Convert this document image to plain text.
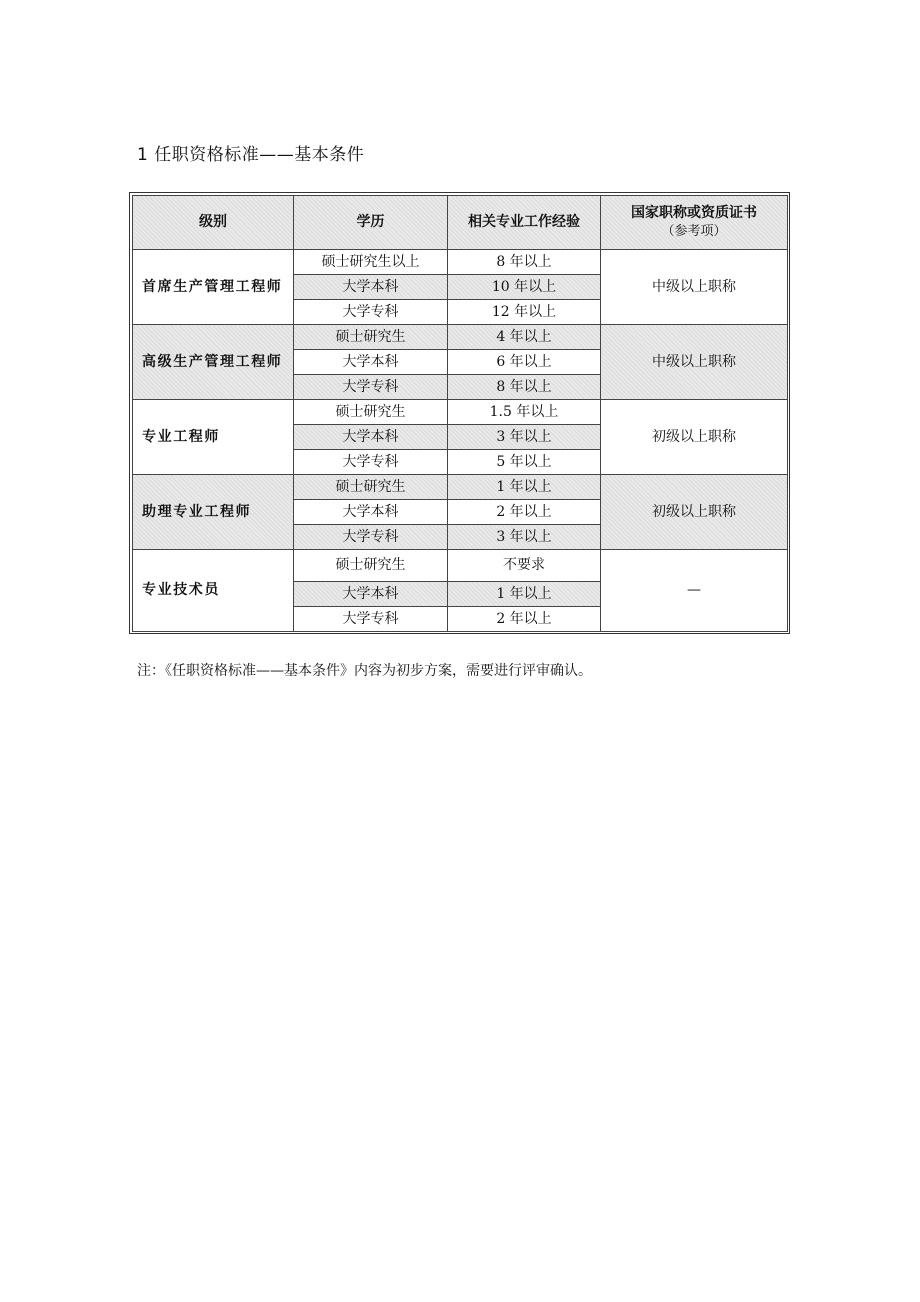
1 任职资格标准——基本条件
级别	学历	相关专业工作经验	国家职称或资质证书
（参考项）

首席生产管理工程师	硕士研究生以上	8 年以上	中级以上职称
	大学本科	10 年以上	
	大学专科	12 年以上	
高级生产管理工程师	硕士研究生	4 年以上	中级以上职称
	大学本科	6 年以上	
	大学专科	8 年以上	
专业工程师	硕士研究生	1.5 年以上	初级以上职称
	大学本科	3 年以上	
	大学专科	5 年以上	
助理专业工程师	硕士研究生	1 年以上	初级以上职称
	大学本科	2 年以上	
	大学专科	3 年以上	
专业技术员	硕士研究生	不要求	—
	大学本科	1 年以上	
	大学专科	2 年以上	
注：《任职资格标准——基本条件》内容为初步方案，需要进行评审确认。
